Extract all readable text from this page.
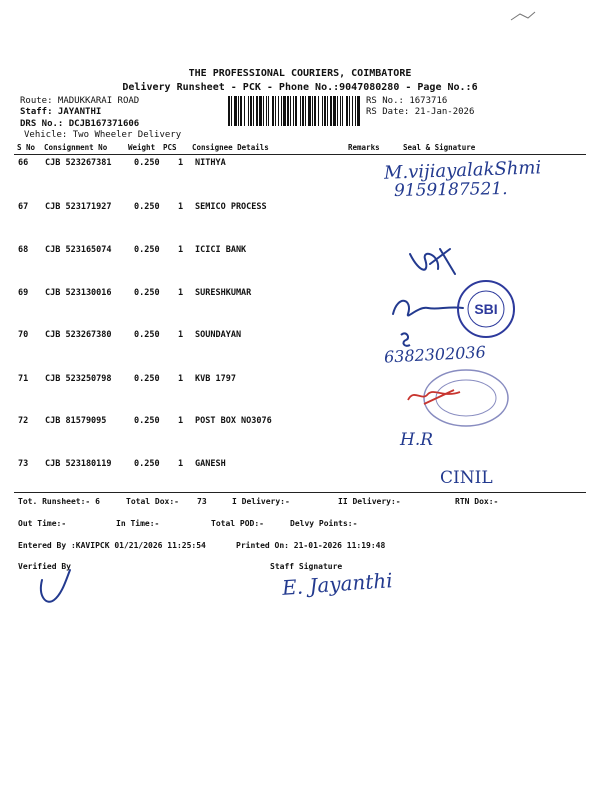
THE PROFESSIONAL COURIERS, COIMBATORE
Delivery Runsheet - PCK - Phone No.:9047080280 - Page No.:6
Route: MADUKKARAI ROAD
Staff: JAYANTHI
DRS No.: DCJB167371606
Vehicle: Two Wheeler Delivery
RS No.: 1673716
RS Date: 21-Jan-2026
S No Consignment No	Weight PCS Consignee Details	Remarks	Seal & Signature
66 CJB 523267381	0.250 1 NITHYA
67 CJB 523171927	0.250 1 SEMICO PROCESS
68 CJB 523165074	0.250 1 ICICI BANK
69 CJB 523130016	0.250 1 SURESHKUMAR
70 CJB 523267380	0.250 1 SOUNDAYAN
71 CJB 523250798	0.250 1 KVB 1797
72 CJB 81579095	0.250 1 POST BOX NO3076
73 CJB 523180119	0.250 1 GANESH
M.vijiayalakShmi
9159187521.
SBI
6382302036
H.R
CINIL
Tot. Runsheet:- 6	Total Dox:- 73	I Delivery:-	II Delivery:-	RTN Dox:-
Out Time:-	In Time:-	Total POD:-	Delvy Points:-
Entered By :KAVIPCK 01/21/2026 11:25:54	Printed On: 21-01-2026 11:19:48
Verified By	Staff Signature
E. Jayanthi
